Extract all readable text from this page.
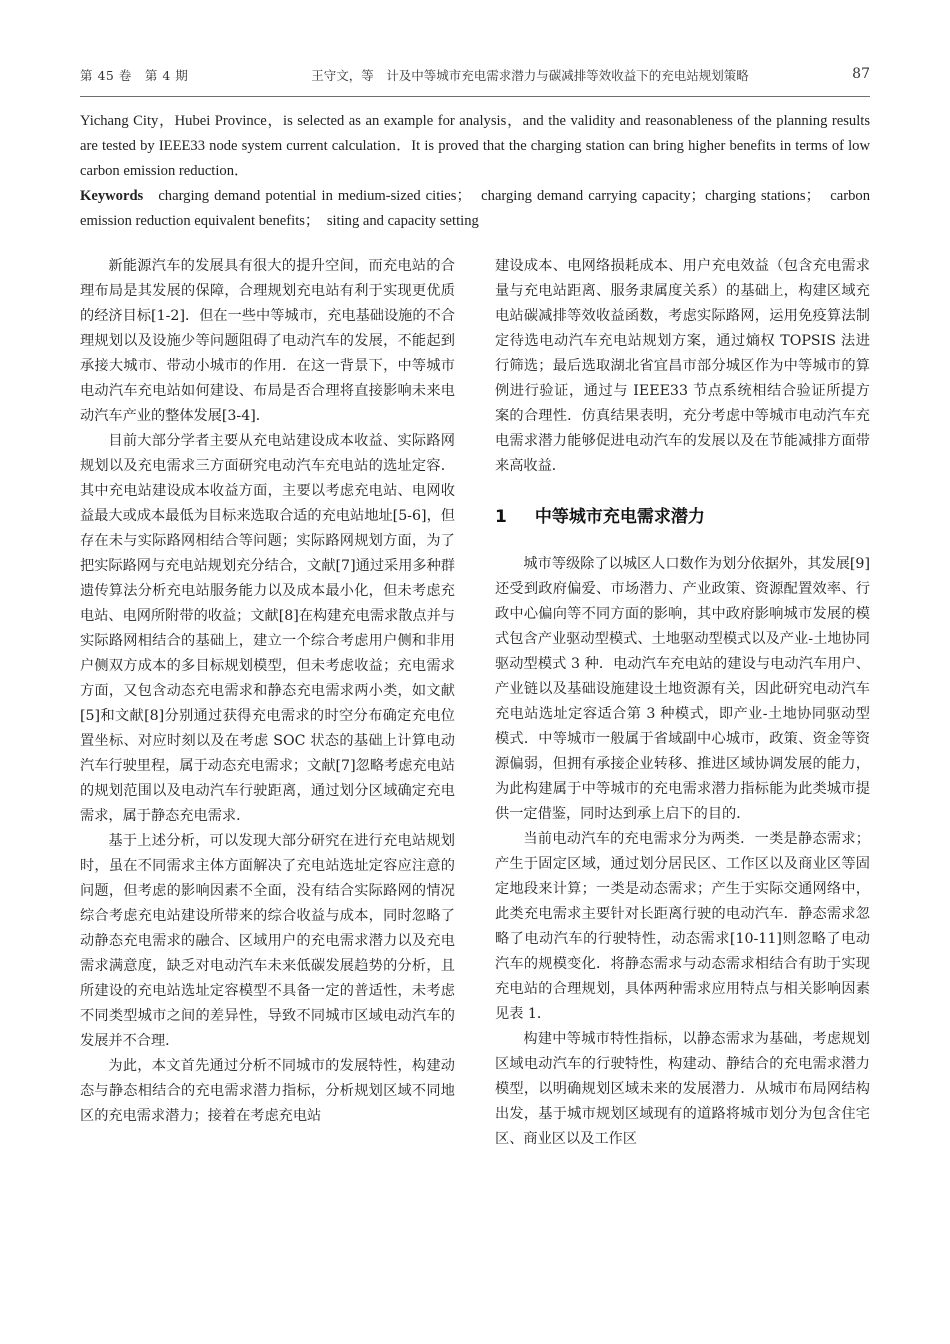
第 45 卷　第 4 期	王守文，等　计及中等城市充电需求潜力与碳减排等效收益下的充电站规划策略	87

Yichang City，Hubei Province，is selected as an example for analysis，and the validity and reasonableness of the planning results are tested by IEEE33 node system current calculation．It is proved that the charging station can bring higher benefits in terms of low carbon emission reduction．

Keywords charging demand potential in medium-sized cities；　charging demand carrying capacity；charging stations；　carbon emission reduction equivalent benefits；　siting and capacity setting

新能源汽车的发展具有很大的提升空间，而充电站的合理布局是其发展的保障，合理规划充电站有利于实现更优质的经济目标[1-2]．但在一些中等城市，充电基础设施的不合理规划以及设施少等问题阻碍了电动汽车的发展，不能起到承接大城市、带动小城市的作用．在这一背景下，中等城市电动汽车充电站如何建设、布局是否合理将直接影响未来电动汽车产业的整体发展[3-4]．

目前大部分学者主要从充电站建设成本收益、实际路网规划以及充电需求三方面研究电动汽车充电站的选址定容．其中充电站建设成本收益方面，主要以考虑充电站、电网收益最大或成本最低为目标来选取合适的充电站地址[5-6]，但存在未与实际路网相结合等问题；实际路网规划方面，为了把实际路网与充电站规划充分结合，文献[7]通过采用多种群遗传算法分析充电站服务能力以及成本最小化，但未考虑充电站、电网所附带的收益；文献[8]在构建充电需求散点并与实际路网相结合的基础上，建立一个综合考虑用户侧和非用户侧双方成本的多目标规划模型，但未考虑收益；充电需求方面，又包含动态充电需求和静态充电需求两小类，如文献[5]和文献[8]分别通过获得充电需求的时空分布确定充电位置坐标、对应时刻以及在考虑 SOC 状态的基础上计算电动汽车行驶里程，属于动态充电需求；文献[7]忽略考虑充电站的规划范围以及电动汽车行驶距离，通过划分区域确定充电需求，属于静态充电需求．

基于上述分析，可以发现大部分研究在进行充电站规划时，虽在不同需求主体方面解决了充电站选址定容应注意的问题，但考虑的影响因素不全面，没有结合实际路网的情况综合考虑充电站建设所带来的综合收益与成本，同时忽略了动静态充电需求的融合、区域用户的充电需求潜力以及充电需求满意度，缺乏对电动汽车未来低碳发展趋势的分析，且所建设的充电站选址定容模型不具备一定的普适性，未考虑不同类型城市之间的差异性，导致不同城市区域电动汽车的发展并不合理．

为此，本文首先通过分析不同城市的发展特性，构建动态与静态相结合的充电需求潜力指标，分析规划区域不同地区的充电需求潜力；接着在考虑充电站

建设成本、电网络损耗成本、用户充电效益（包含充电需求量与充电站距离、服务隶属度关系）的基础上，构建区域充电站碳减排等效收益函数，考虑实际路网，运用免疫算法制定待选电动汽车充电站规划方案，通过熵权 TOPSIS 法进行筛选；最后选取湖北省宜昌市部分城区作为中等城市的算例进行验证，通过与 IEEE33 节点系统相结合验证所提方案的合理性．仿真结果表明，充分考虑中等城市电动汽车充电需求潜力能够促进电动汽车的发展以及在节能减排方面带来高收益．

1 中等城市充电需求潜力

城市等级除了以城区人口数作为划分依据外，其发展[9]还受到政府偏爱、市场潜力、产业政策、资源配置效率、行政中心偏向等不同方面的影响，其中政府影响城市发展的模式包含产业驱动型模式、土地驱动型模式以及产业-土地协同驱动型模式 3 种．电动汽车充电站的建设与电动汽车用户、产业链以及基础设施建设土地资源有关，因此研究电动汽车充电站选址定容适合第 3 种模式，即产业-土地协同驱动型模式．中等城市一般属于省域副中心城市，政策、资金等资源偏弱，但拥有承接企业转移、推进区域协调发展的能力，为此构建属于中等城市的充电需求潜力指标能为此类城市提供一定借鉴，同时达到承上启下的目的．

当前电动汽车的充电需求分为两类．一类是静态需求；产生于固定区域，通过划分居民区、工作区以及商业区等固定地段来计算；一类是动态需求；产生于实际交通网络中，此类充电需求主要针对长距离行驶的电动汽车．静态需求忽略了电动汽车的行驶特性，动态需求[10-11]则忽略了电动汽车的规模变化．将静态需求与动态需求相结合有助于实现充电站的合理规划，具体两种需求应用特点与相关影响因素见表 1．

构建中等城市特性指标，以静态需求为基础，考虑规划区域电动汽车的行驶特性，构建动、静结合的充电需求潜力模型，以明确规划区域未来的发展潜力．从城市布局网结构出发，基于城市规划区域现有的道路将城市划分为包含住宅区、商业区以及工作区
